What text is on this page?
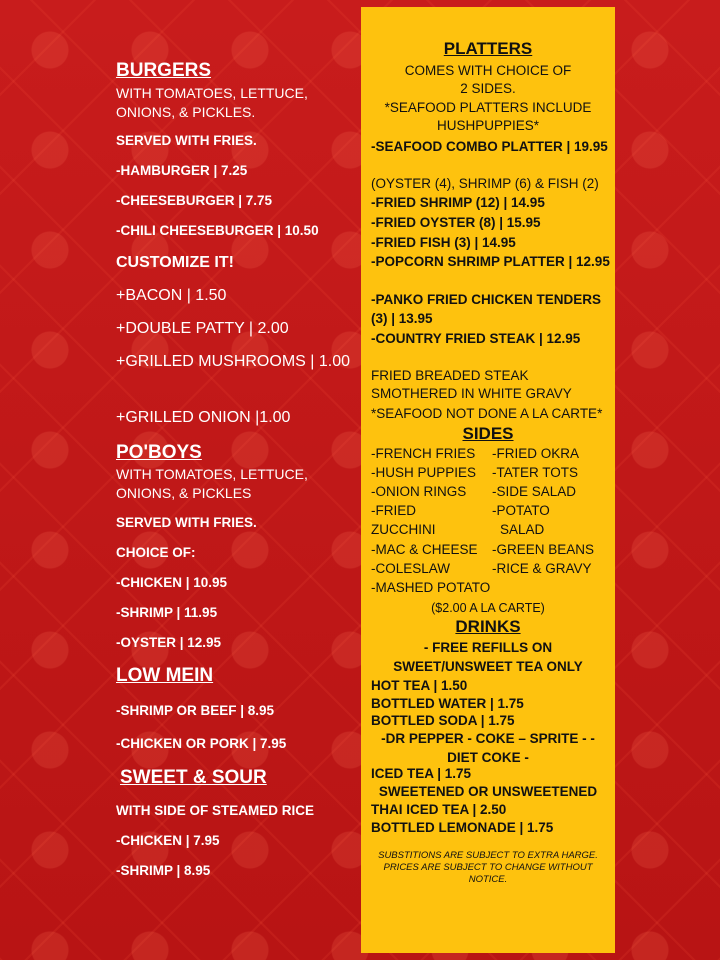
BURGERS
WITH TOMATOES, LETTUCE, ONIONS, & PICKLES.
SERVED WITH FRIES.
-HAMBURGER | 7.25
-CHEESEBURGER | 7.75
-CHILI CHEESEBURGER | 10.50
CUSTOMIZE IT!
+BACON | 1.50
+DOUBLE PATTY | 2.00
+GRILLED MUSHROOMS | 1.00
+GRILLED ONION |1.00
PO'BOYS
WITH TOMATOES, LETTUCE, ONIONS, & PICKLES
SERVED WITH FRIES.
CHOICE OF:
-CHICKEN | 10.95
-SHRIMP | 11.95
-OYSTER | 12.95
LOW MEIN
-SHRIMP OR BEEF | 8.95
-CHICKEN OR PORK | 7.95
SWEET & SOUR
WITH SIDE OF STEAMED RICE
-CHICKEN | 7.95
-SHRIMP | 8.95
PLATTERS
COMES WITH CHOICE OF 2 SIDES.
*SEAFOOD PLATTERS INCLUDE HUSHPUPPIES*
-SEAFOOD COMBO PLATTER | 19.95
(OYSTER (4), SHRIMP (6) & FISH (2)
-FRIED SHRIMP (12) | 14.95
-FRIED OYSTER (8) | 15.95
-FRIED FISH (3) | 14.95
-POPCORN SHRIMP PLATTER | 12.95
-PANKO FRIED CHICKEN TENDERS (3) | 13.95
-COUNTRY FRIED STEAK | 12.95
FRIED BREADED STEAK SMOTHERED IN WHITE GRAVY
*SEAFOOD NOT DONE A LA CARTE*
SIDES
-FRENCH FRIES -FRIED OKRA
-HUSH PUPPIES -TATER TOTS
-ONION RINGS -SIDE SALAD
-FRIED	-POTATO
ZUCCHINI	SALAD
-MAC & CHEESE -GREEN BEANS
-COLESLAW	-RICE & GRAVY
-MASHED POTATO
($2.00 A LA CARTE)
DRINKS
- FREE REFILLS ON SWEET/UNSWEET TEA ONLY
HOT TEA | 1.50
BOTTLED WATER | 1.75
BOTTLED SODA | 1.75
-DR PEPPER - COKE – SPRITE - - DIET COKE -
ICED TEA | 1.75
SWEETENED OR UNSWEETENED
THAI ICED TEA | 2.50
BOTTLED LEMONADE | 1.75
SUBSTITIONS ARE SUBJECT TO EXTRA HARGE. PRICES ARE SUBJECT TO CHANGE WITHOUT NOTICE.
